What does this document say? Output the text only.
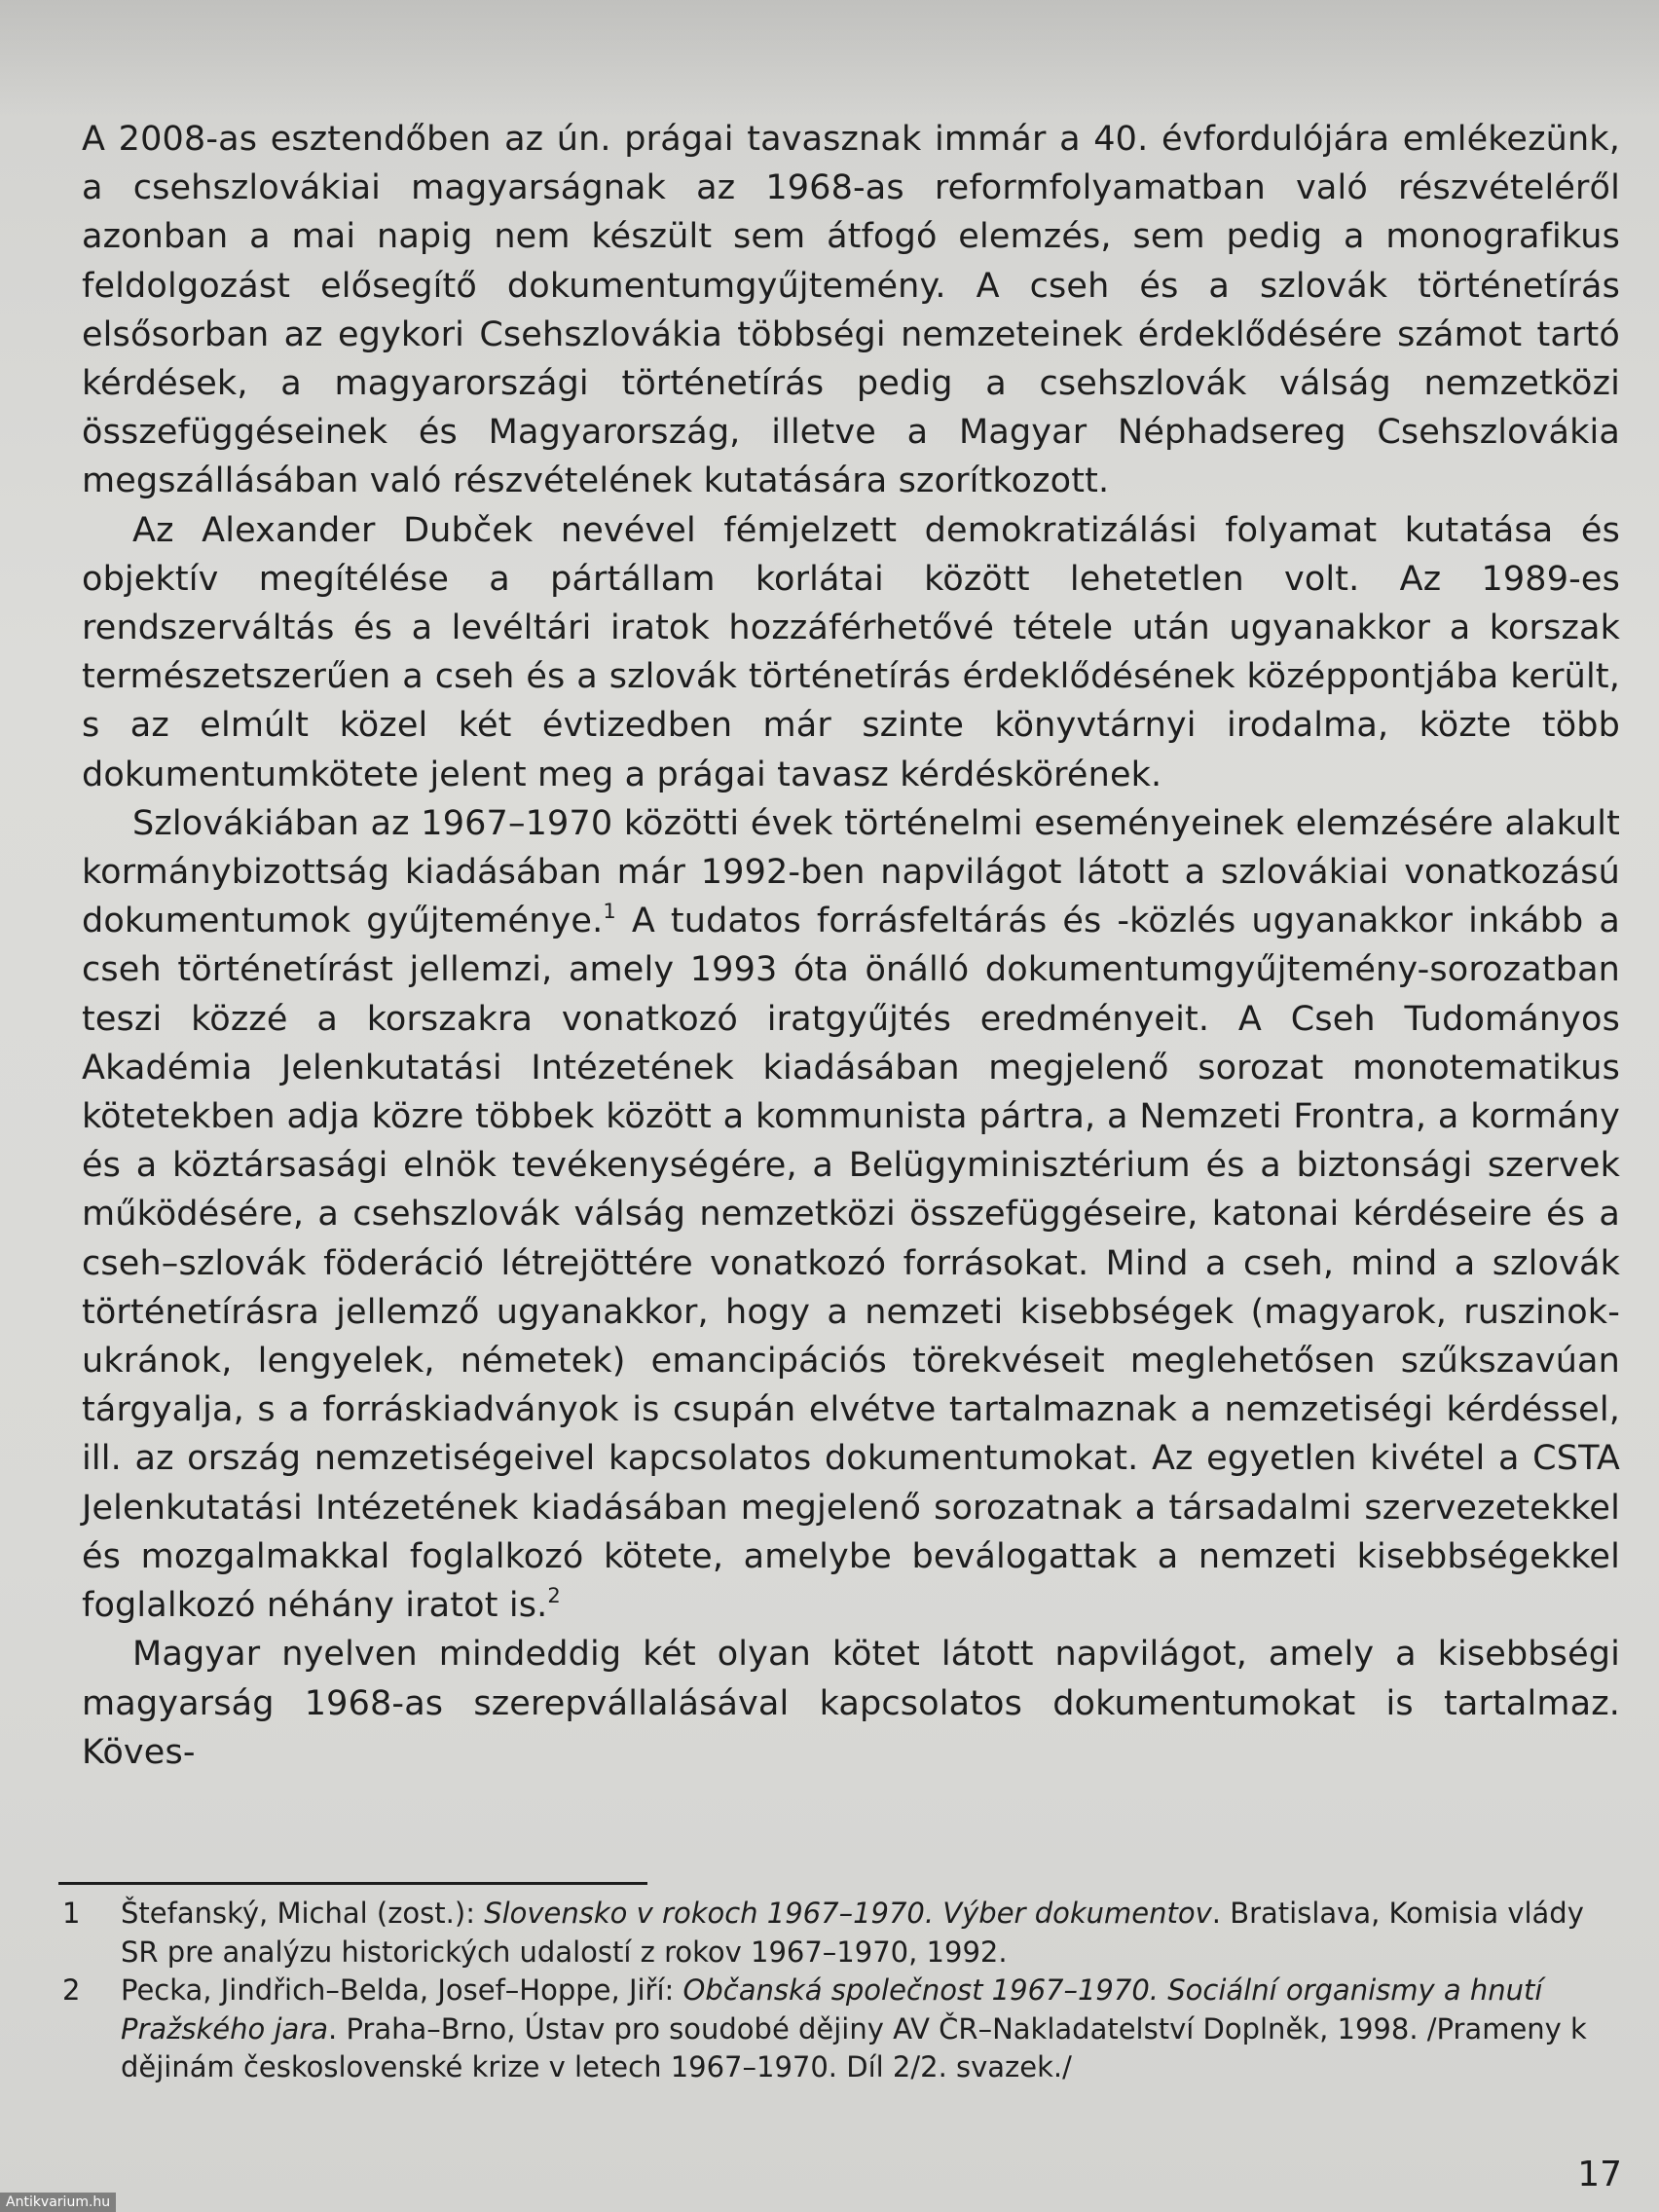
A 2008-as esztendőben az ún. prágai tavasznak immár a 40. évfordulójára emlékezünk, a csehszlovákiai magyarságnak az 1968-as reformfolyamatban való részvételéről azonban a mai napig nem készült sem átfogó elemzés, sem pedig a monografikus feldolgozást elősegítő dokumentumgyűjtemény. A cseh és a szlovák történetírás elsősorban az egykori Csehszlovákia többségi nemzeteinek érdeklődésére számot tartó kérdések, a magyarországi történetírás pedig a csehszlovák válság nemzetközi összefüggéseinek és Magyarország, illetve a Magyar Néphadsereg Csehszlovákia megszállásában való részvételének kutatására szorítkozott.

Az Alexander Dubček nevével fémjelzett demokratizálási folyamat kutatása és objektív megítélése a pártállam korlátai között lehetetlen volt. Az 1989-es rendszerváltás és a levéltári iratok hozzáférhetővé tétele után ugyanakkor a korszak természetszerűen a cseh és a szlovák történetírás érdeklődésének középpontjába került, s az elmúlt közel két évtizedben már szinte könyvtárnyi irodalma, közte több dokumentumkötete jelent meg a prágai tavasz kérdéskörének.

Szlovákiában az 1967–1970 közötti évek történelmi eseményeinek elemzésére alakult kormánybizottság kiadásában már 1992-ben napvilágot látott a szlovákiai vonatkozású dokumentumok gyűjteménye.$^1$ A tudatos forrásfeltárás és -közlés ugyanakkor inkább a cseh történetírást jellemzi, amely 1993 óta önálló dokumentumgyűjtemény-sorozatban teszi közzé a korszakra vonatkozó iratgyűjtés eredményeit. A Cseh Tudományos Akadémia Jelenkutatási Intézetének kiadásában megjelenő sorozat monotematikus kötetekben adja közre többek között a kommunista pártra, a Nemzeti Frontra, a kormány és a köztársasági elnök tevékenységére, a Belügyminisztérium és a biztonsági szervek működésére, a csehszlovák válság nemzetközi összefüggéseire, katonai kérdéseire és a cseh–szlovák föderáció létrejöttére vonatkozó forrásokat. Mind a cseh, mind a szlovák történetírásra jellemző ugyanakkor, hogy a nemzeti kisebbségek (magyarok, ruszinok-ukránok, lengyelek, németek) emancipációs törekvéseit meglehetősen szűkszavúan tárgyalja, s a forráskiadványok is csupán elvétve tartalmaznak a nemzetiségi kérdéssel, ill. az ország nemzetiségeivel kapcsolatos dokumentumokat. Az egyetlen kivétel a CSTA Jelenkutatási Intézetének kiadásában megjelenő sorozatnak a társadalmi szervezetekkel és mozgalmakkal foglalkozó kötete, amelybe beválogattak a nemzeti kisebbségekkel foglalkozó néhány iratot is.$^2$

Magyar nyelven mindeddig két olyan kötet látott napvilágot, amely a kisebbségi magyarság 1968-as szerepvállalásával kapcsolatos dokumentumokat is tartalmaz. Köves-

1 Štefanský, Michal (zost.): Slovensko v rokoch 1967–1970. Výber dokumentov. Bratislava, Komisia vlády SR pre analýzu historických udalostí z rokov 1967–1970, 1992.

2 Pecka, Jindřich–Belda, Josef–Hoppe, Jiří: Občanská společnost 1967–1970. Sociální organismy a hnutí Pražského jara. Praha–Brno, Ústav pro soudobé dějiny AV ČR–Nakladatelství Doplněk, 1998. /Prameny k dějinám československé krize v letech 1967–1970. Díl 2/2. svazek./

17
Antikvarium.hu
